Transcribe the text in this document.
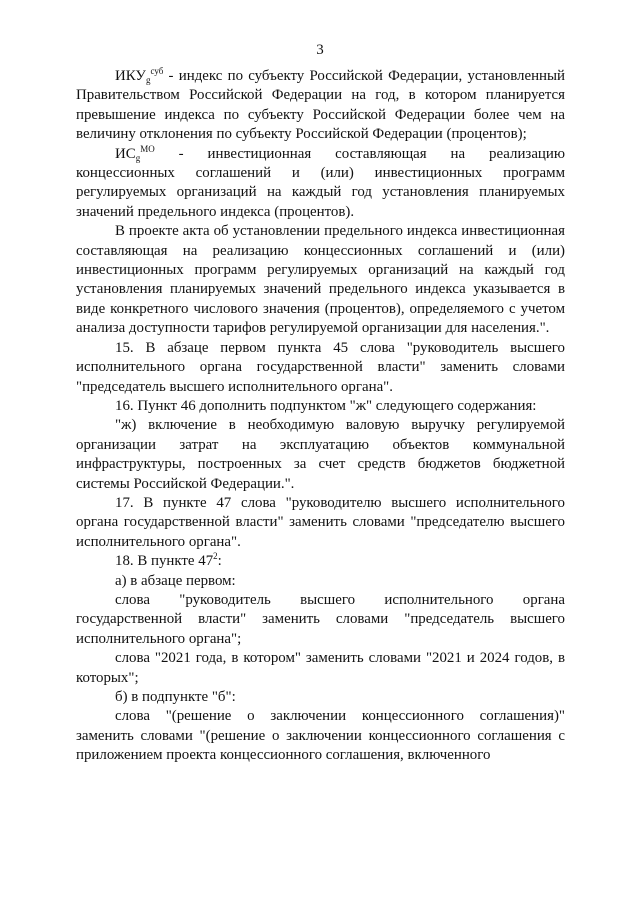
3

$ИКУ_g^{суб}$ - индекс по субъекту Российской Федерации, установленный Правительством Российской Федерации на год, в котором планируется превышение индекса по субъекту Российской Федерации более чем на величину отклонения по субъекту Российской Федерации (процентов);

$ИС_g^{МО}$ - инвестиционная составляющая на реализацию концессионных соглашений и (или) инвестиционных программ регулируемых организаций на каждый год установления планируемых значений предельного индекса (процентов).

В проекте акта об установлении предельного индекса инвестиционная составляющая на реализацию концессионных соглашений и (или) инвестиционных программ регулируемых организаций на каждый год установления планируемых значений предельного индекса указывается в виде конкретного числового значения (процентов), определяемого с учетом анализа доступности тарифов регулируемой организации для населения.".

15. В абзаце первом пункта 45 слова "руководитель высшего исполнительного органа государственной власти" заменить словами "председатель высшего исполнительного органа".

16. Пункт 46 дополнить подпунктом "ж" следующего содержания:

"ж) включение в необходимую валовую выручку регулируемой организации затрат на эксплуатацию объектов коммунальной инфраструктуры, построенных за счет средств бюджетов бюджетной системы Российской Федерации.".

17. В пункте 47 слова "руководителю высшего исполнительного органа государственной власти" заменить словами "председателю высшего исполнительного органа".

18. В пункте $47^2$:

а) в абзаце первом:

слова "руководитель высшего исполнительного органа государственной власти" заменить словами "председатель высшего исполнительного органа";

слова "2021 года, в котором" заменить словами "2021 и 2024 годов, в которых";

б) в подпункте "б":

слова "(решение о заключении концессионного соглашения)" заменить словами "(решение о заключении концессионного соглашения с приложением проекта концессионного соглашения, включенного
